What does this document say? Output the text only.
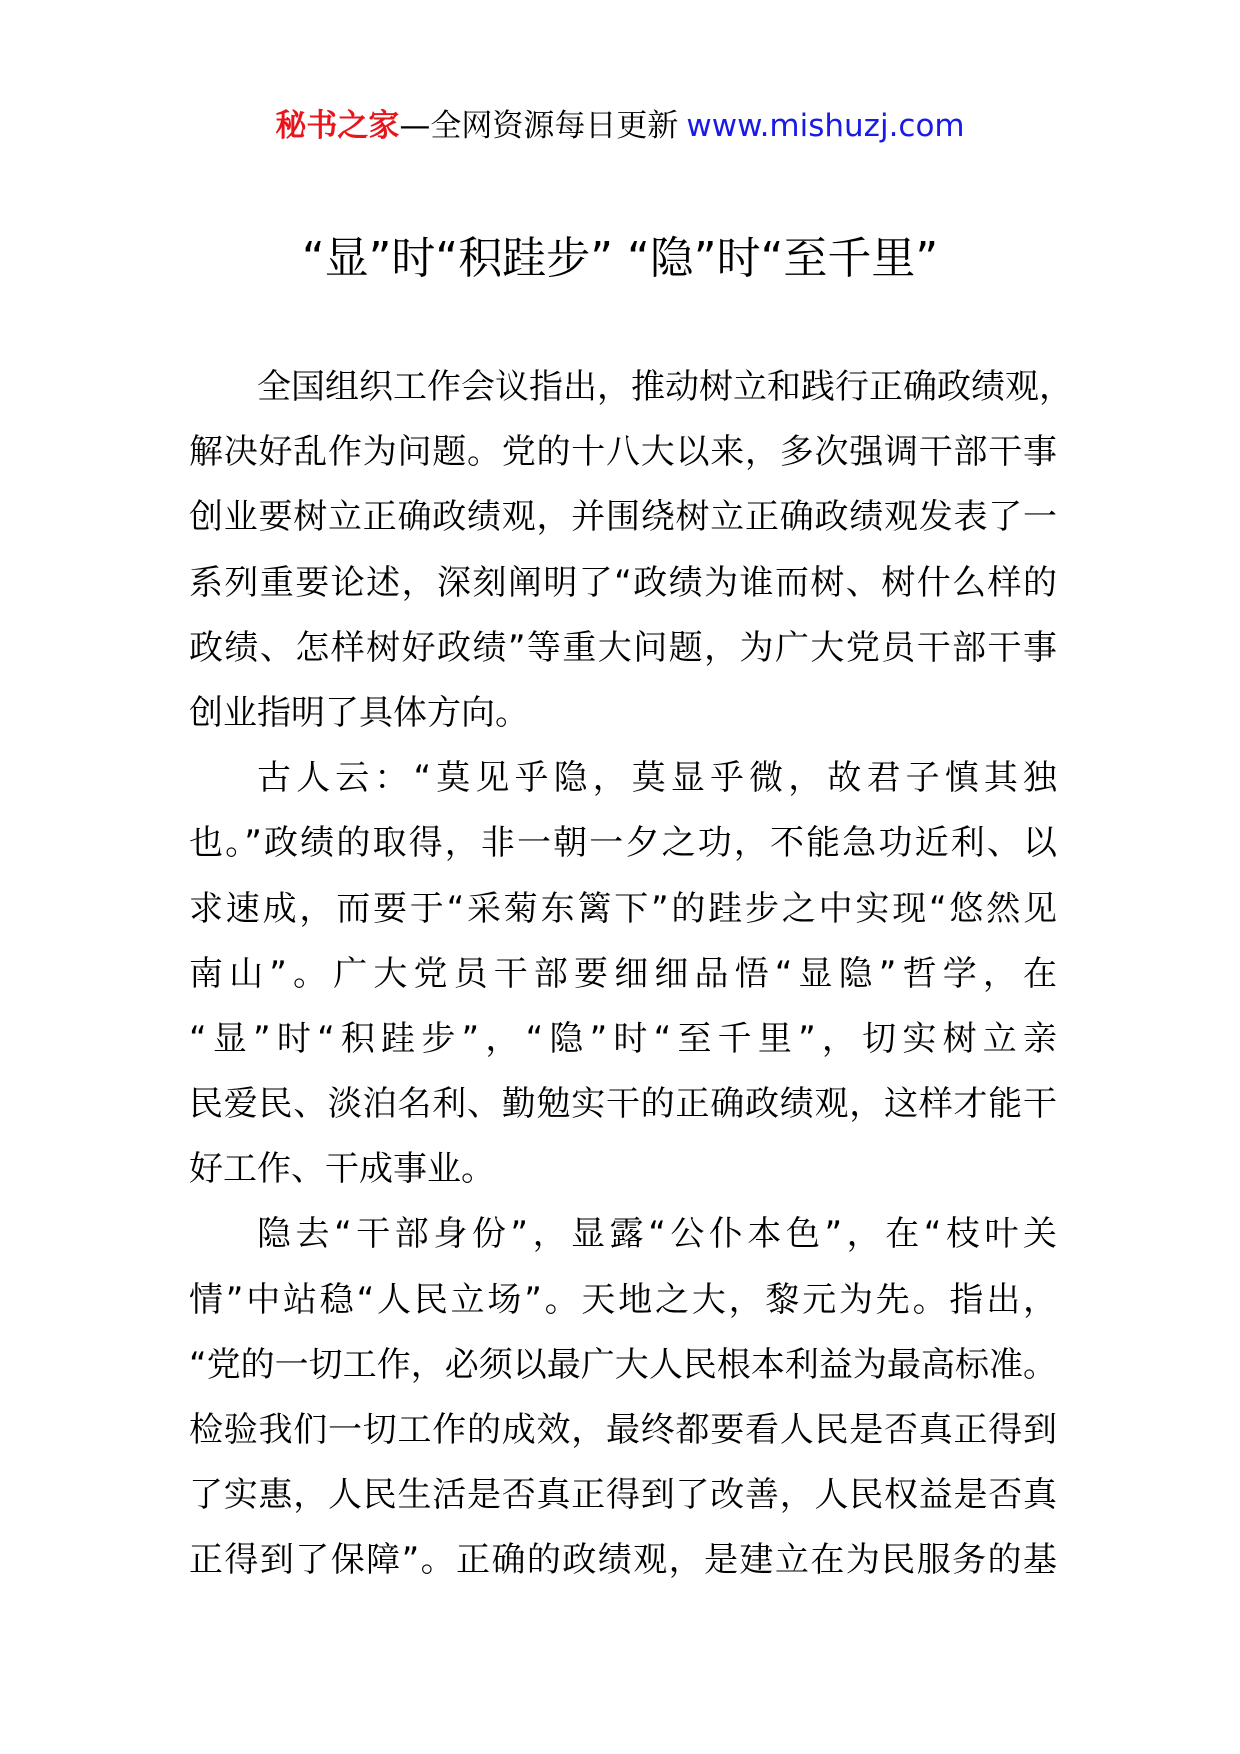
秘书之家—全网资源每日更新 www.mishuzj.com
“显”时“积跬步” “隐”时“至千里”
全国组织工作会议指出，推动树立和践行正确政绩观，
解决好乱作为问题。党的十八大以来，多次强调干部干事
创业要树立正确政绩观，并围绕树立正确政绩观发表了一
系列重要论述，深刻阐明了“政绩为谁而树、树什么样的
政绩、怎样树好政绩”等重大问题，为广大党员干部干事
创业指明了具体方向。
古人云：“莫见乎隐，莫显乎微，故君子慎其独
也。”政绩的取得，非一朝一夕之功，不能急功近利、以
求速成，而要于“采菊东篱下”的跬步之中实现“悠然见
南山”。广大党员干部要细细品悟“显隐”哲学，在
“显”时“积跬步”，“隐”时“至千里”，切实树立亲
民爱民、淡泊名利、勤勉实干的正确政绩观，这样才能干
好工作、干成事业。
隐去“干部身份”，显露“公仆本色”，在“枝叶关
情”中站稳“人民立场”。天地之大，黎元为先。指出，
“党的一切工作，必须以最广大人民根本利益为最高标准。
检验我们一切工作的成效，最终都要看人民是否真正得到
了实惠，人民生活是否真正得到了改善，人民权益是否真
正得到了保障”。正确的政绩观，是建立在为民服务的基
